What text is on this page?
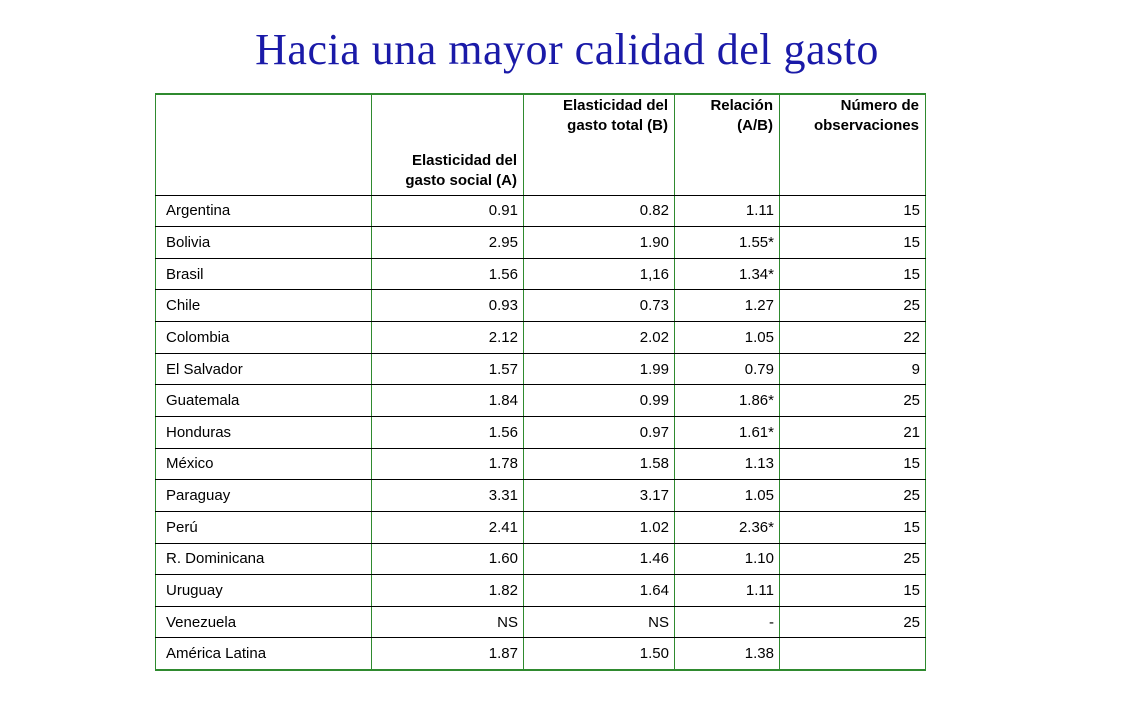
Hacia una mayor calidad del gasto
	Elasticidad del gasto social (A)	Elasticidad del gasto total (B)	Relación (A/B)	Número de observaciones
Argentina	0.91	0.82	1.11	15
Bolivia	2.95	1.90	1.55*	15
Brasil	1.56	1,16	1.34*	15
Chile	0.93	0.73	1.27	25
Colombia	2.12	2.02	1.05	22
El Salvador	1.57	1.99	0.79	9
Guatemala	1.84	0.99	1.86*	25
Honduras	1.56	0.97	1.61*	21
México	1.78	1.58	1.13	15
Paraguay	3.31	3.17	1.05	25
Perú	2.41	1.02	2.36*	15
R. Dominicana	1.60	1.46	1.10	25
Uruguay	1.82	1.64	1.11	15
Venezuela	NS	NS	-	25
América Latina	1.87	1.50	1.38	
